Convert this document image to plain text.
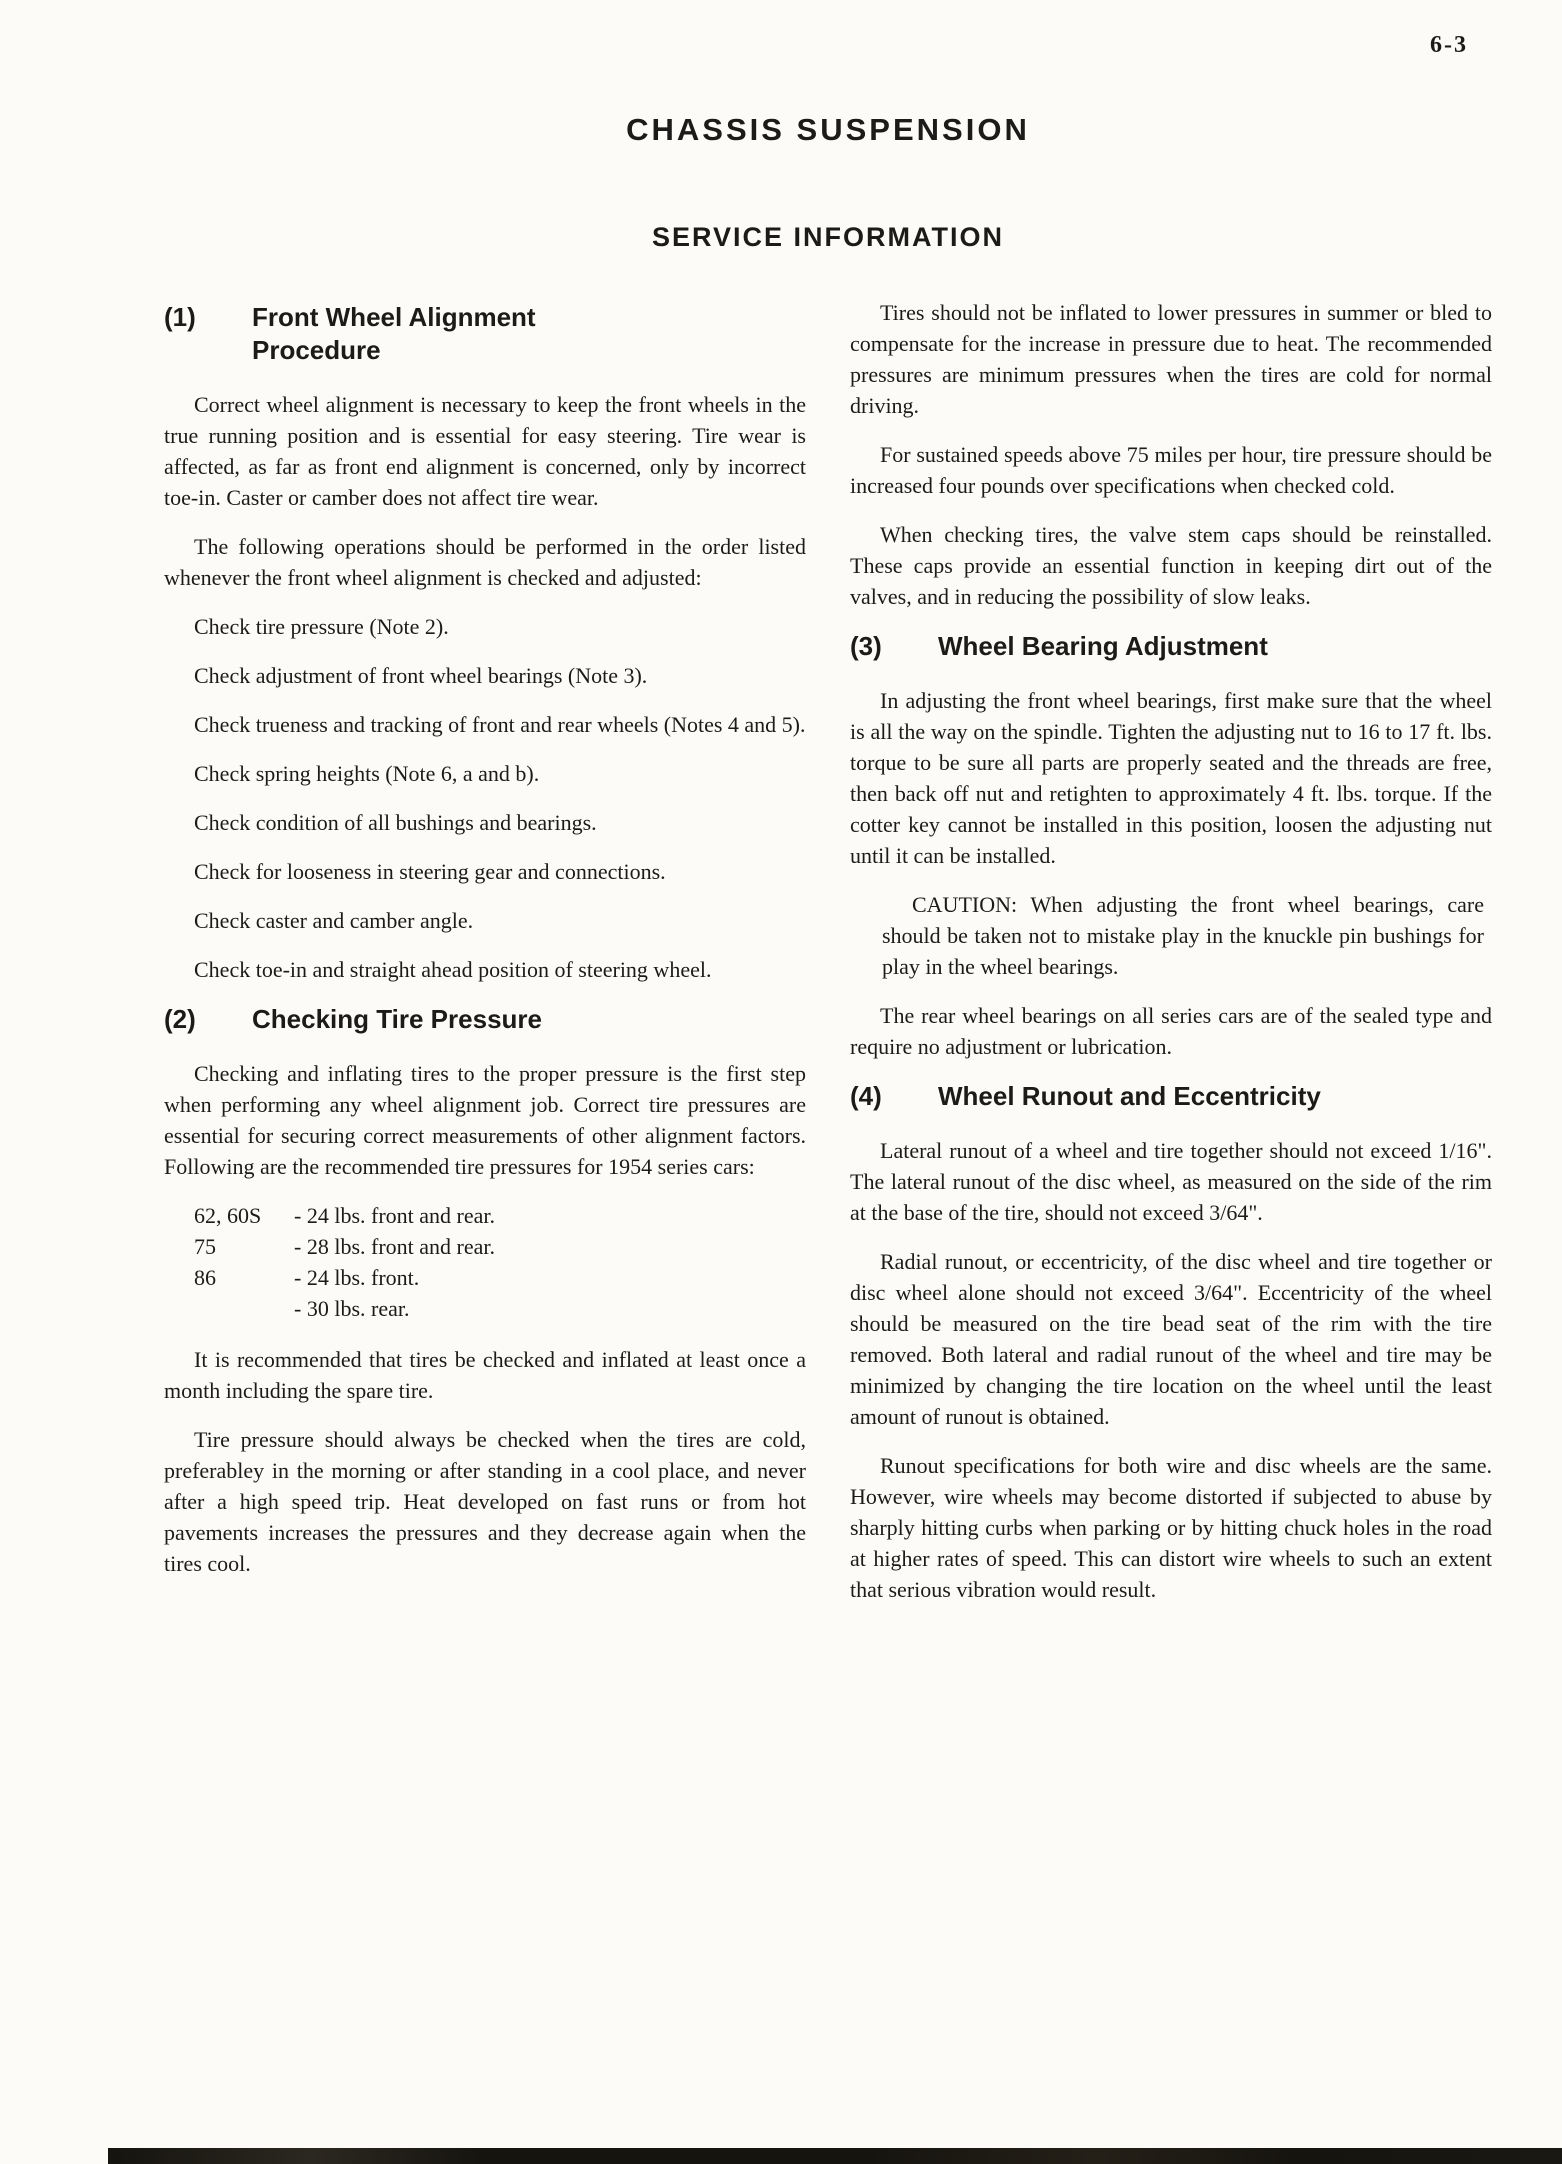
6-3
CHASSIS SUSPENSION
SERVICE INFORMATION
(1)	Front Wheel Alignment
Procedure

Correct wheel alignment is necessary to keep the front wheels in the true running position and is essential for easy steering. Tire wear is affected, as far as front end alignment is concerned, only by incorrect toe-in. Caster or camber does not affect tire wear.

The following operations should be performed in the order listed whenever the front wheel alignment is checked and adjusted:

Check tire pressure (Note 2).

Check adjustment of front wheel bearings (Note 3).

Check trueness and tracking of front and rear wheels (Notes 4 and 5).

Check spring heights (Note 6, a and b).

Check condition of all bushings and bearings.

Check for looseness in steering gear and connections.

Check caster and camber angle.

Check toe-in and straight ahead position of steering wheel.

(2)	Checking Tire Pressure

Checking and inflating tires to the proper pressure is the first step when performing any wheel alignment job. Correct tire pressures are essential for securing correct measurements of other alignment factors. Following are the recommended tire pressures for 1954 series cars:

62, 60S	- 24 lbs. front and rear.
75	- 28 lbs. front and rear.
86	- 24 lbs. front.
- 30 lbs. rear.

It is recommended that tires be checked and inflated at least once a month including the spare tire.

Tire pressure should always be checked when the tires are cold, preferabley in the morning or after standing in a cool place, and never after a high speed trip. Heat developed on fast runs or from hot pavements increases the pressures and they decrease again when the tires cool.

Tires should not be inflated to lower pressures in summer or bled to compensate for the increase in pressure due to heat. The recommended pressures are minimum pressures when the tires are cold for normal driving.

For sustained speeds above 75 miles per hour, tire pressure should be increased four pounds over specifications when checked cold.

When checking tires, the valve stem caps should be reinstalled. These caps provide an essential function in keeping dirt out of the valves, and in reducing the possibility of slow leaks.

(3)	Wheel Bearing Adjustment

In adjusting the front wheel bearings, first make sure that the wheel is all the way on the spindle. Tighten the adjusting nut to 16 to 17 ft. lbs. torque to be sure all parts are properly seated and the threads are free, then back off nut and retighten to approximately 4 ft. lbs. torque. If the cotter key cannot be installed in this position, loosen the adjusting nut until it can be installed.

CAUTION: When adjusting the front wheel bearings, care should be taken not to mistake play in the knuckle pin bushings for play in the wheel bearings.

The rear wheel bearings on all series cars are of the sealed type and require no adjustment or lubrication.

(4)	Wheel Runout and Eccentricity

Lateral runout of a wheel and tire together should not exceed 1/16". The lateral runout of the disc wheel, as measured on the side of the rim at the base of the tire, should not exceed 3/64".

Radial runout, or eccentricity, of the disc wheel and tire together or disc wheel alone should not exceed 3/64". Eccentricity of the wheel should be measured on the tire bead seat of the rim with the tire removed. Both lateral and radial runout of the wheel and tire may be minimized by changing the tire location on the wheel until the least amount of runout is obtained.

Runout specifications for both wire and disc wheels are the same. However, wire wheels may become distorted if subjected to abuse by sharply hitting curbs when parking or by hitting chuck holes in the road at higher rates of speed. This can distort wire wheels to such an extent that serious vibration would result.
